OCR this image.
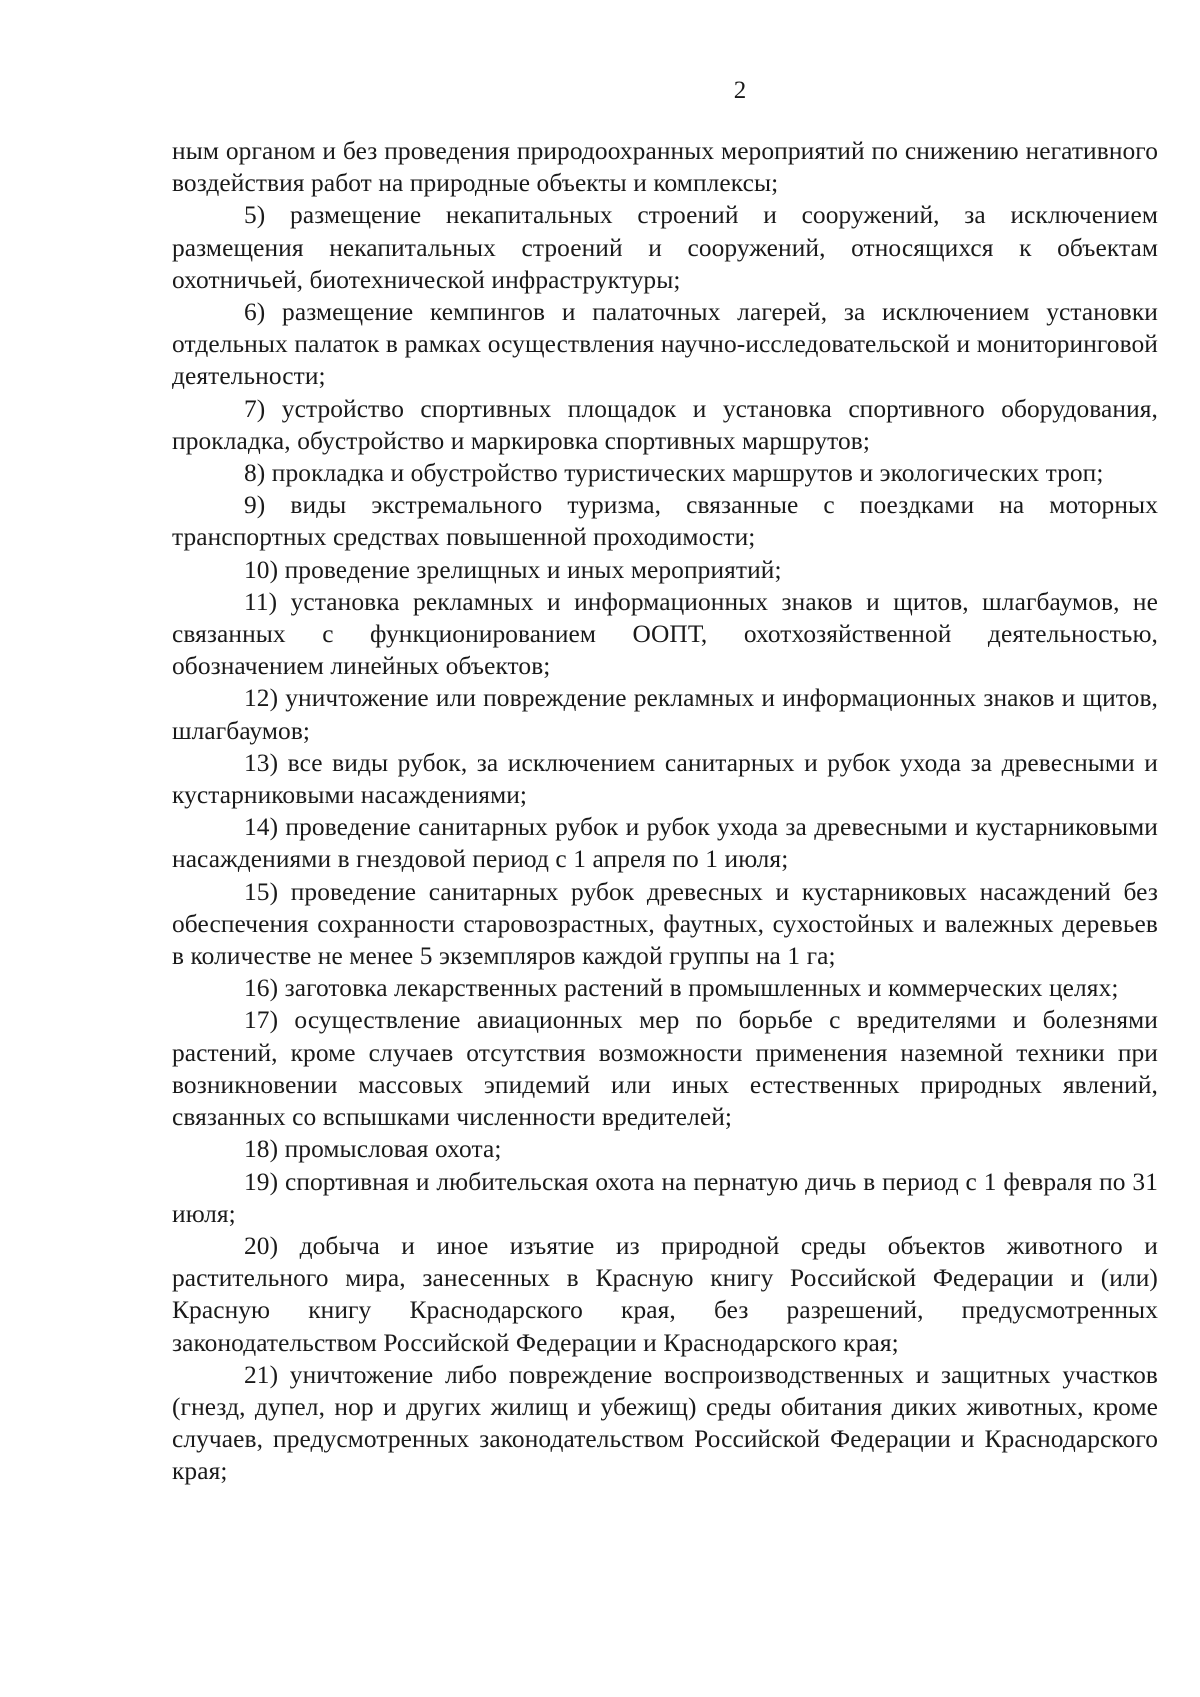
2

ным органом и без проведения природоохранных мероприятий по снижению негативного воздействия работ на природные объекты и комплексы;

5) размещение некапитальных строений и сооружений, за исключением размещения некапитальных строений и сооружений, относящихся к объектам охотничьей, биотехнической инфраструктуры;

6) размещение кемпингов и палаточных лагерей, за исключением установки отдельных палаток в рамках осуществления научно-исследовательской и мониторинговой деятельности;

7) устройство спортивных площадок и установка спортивного оборудования, прокладка, обустройство и маркировка спортивных маршрутов;

8) прокладка и обустройство туристических маршрутов и экологических троп;

9) виды экстремального туризма, связанные с поездками на моторных транспортных средствах повышенной проходимости;

10) проведение зрелищных и иных мероприятий;

11) установка рекламных и информационных знаков и щитов, шлагбаумов, не связанных с функционированием ООПТ, охотхозяйственной деятельностью, обозначением линейных объектов;

12) уничтожение или повреждение рекламных и информационных знаков и щитов, шлагбаумов;

13) все виды рубок, за исключением санитарных и рубок ухода за древесными и кустарниковыми насаждениями;

14) проведение санитарных рубок и рубок ухода за древесными и кустарниковыми насаждениями в гнездовой период с 1 апреля по 1 июля;

15) проведение санитарных рубок древесных и кустарниковых насаждений без обеспечения сохранности старовозрастных, фаутных, сухостойных и валежных деревьев в количестве не менее 5 экземпляров каждой группы на 1 га;

16) заготовка лекарственных растений в промышленных и коммерческих целях;

17) осуществление авиационных мер по борьбе с вредителями и болезнями растений, кроме случаев отсутствия возможности применения наземной техники при возникновении массовых эпидемий или иных естественных природных явлений, связанных со вспышками численности вредителей;

18) промысловая охота;

19) спортивная и любительская охота на пернатую дичь в период с 1 февраля по 31 июля;

20) добыча и иное изъятие из природной среды объектов животного и растительного мира, занесенных в Красную книгу Российской Федерации и (или) Красную книгу Краснодарского края, без разрешений, предусмотренных законодательством Российской Федерации и Краснодарского края;

21) уничтожение либо повреждение воспроизводственных и защитных участков (гнезд, дупел, нор и других жилищ и убежищ) среды обитания диких животных, кроме случаев, предусмотренных законодательством Российской Федерации и Краснодарского края;
